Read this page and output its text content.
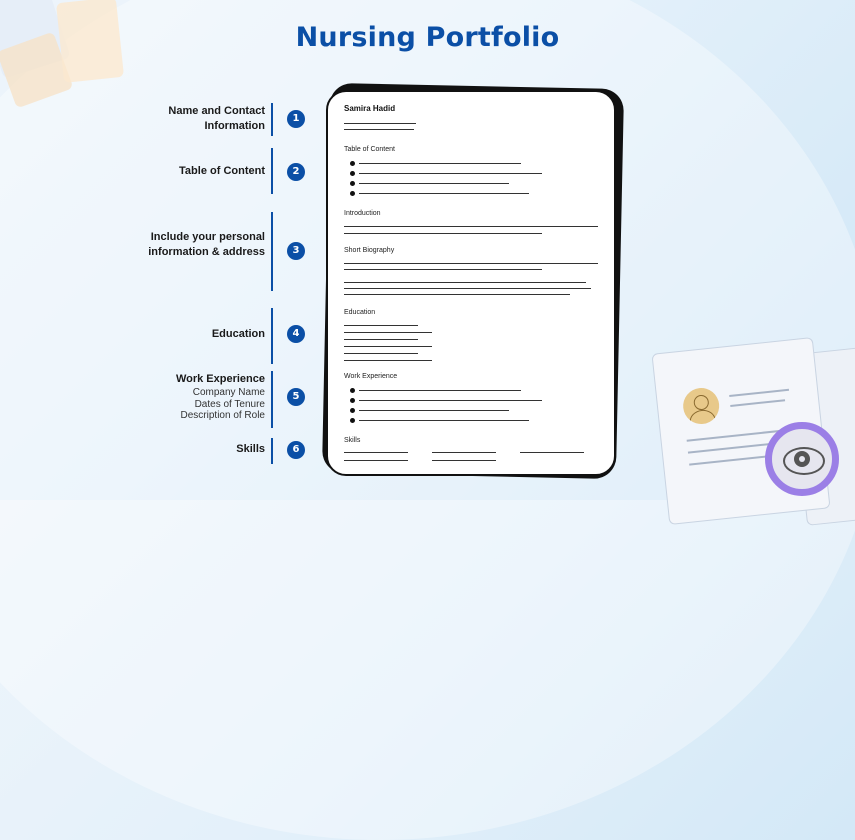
Nursing Portfolio
Name and Contact
Information
Table of Content
Include your personal
information & address
Education
Work Experience
Company Name
Dates of Tenure
Description of Role
Skills
1
2
3
4
5
6
Samira Hadid
Table of Content
Introduction
Short Biography
Education
Work Experience
Skills
